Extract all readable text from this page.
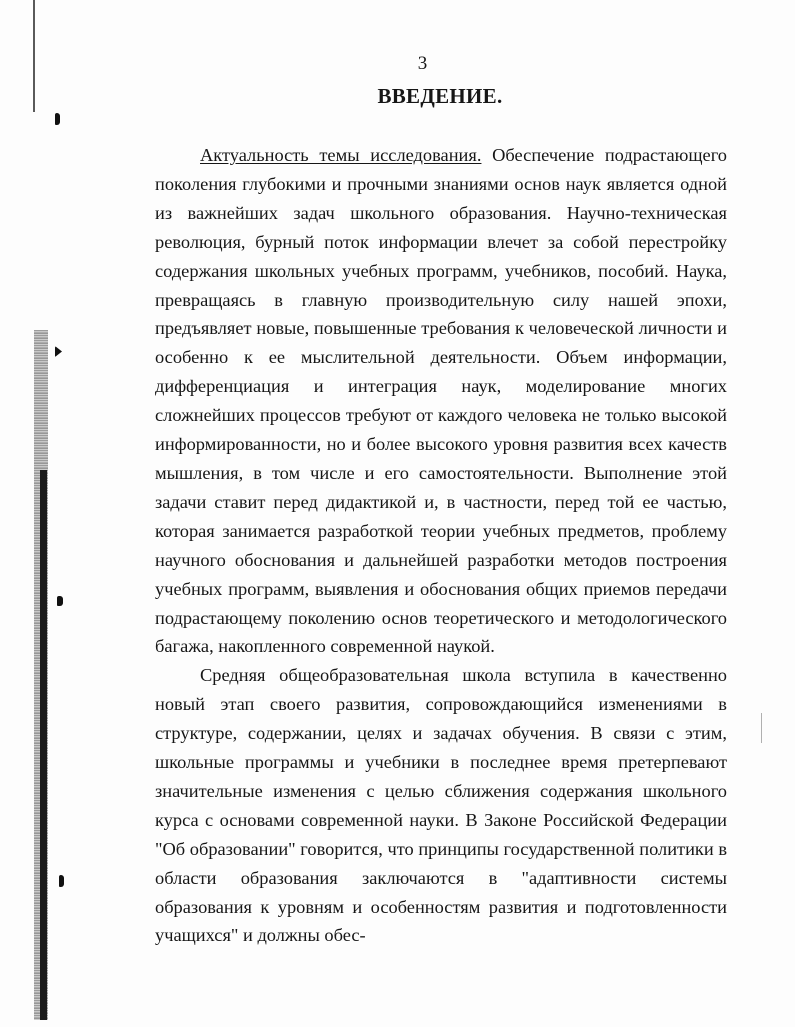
3
ВВЕДЕНИЕ.

Актуальность темы исследования. Обеспечение подрастающего поколения глубокими и прочными знаниями основ наук является одной из важнейших задач школьного образования. Научно-техническая революция, бурный поток информации влечет за собой перестройку содержания школьных учебных программ, учебников, пособий. Наука, превращаясь в главную производительную силу нашей эпохи, предъявляет новые, повышенные требования к человеческой личности и особенно к ее мыслительной деятельности. Объем информации, дифференциация и интеграция наук, моделирование многих сложнейших процессов требуют от каждого человека не только высокой информированности, но и более высокого уровня развития всех качеств мышления, в том числе и его самостоятельности. Выполнение этой задачи ставит перед дидактикой и, в частности, перед той ее частью, которая занимается разработкой теории учебных предметов, проблему научного обоснования и дальнейшей разработки методов построения учебных программ, выявления и обоснования общих приемов передачи подрастающему поколению основ теоретического и методологического багажа, накопленного современной наукой.

Средняя общеобразовательная школа вступила в качественно новый этап своего развития, сопровождающийся изменениями в структуре, содержании, целях и задачах обучения. В связи с этим, школьные программы и учебники в последнее время претерпевают значительные изменения с целью сближения содержания школьного курса с основами современной науки. В Законе Российской Федерации "Об образовании" говорится, что принципы государственной политики в области образования заключаются в "адаптивности системы образования к уровням и особенностям развития и подготовленности учащихся" и должны обес-
